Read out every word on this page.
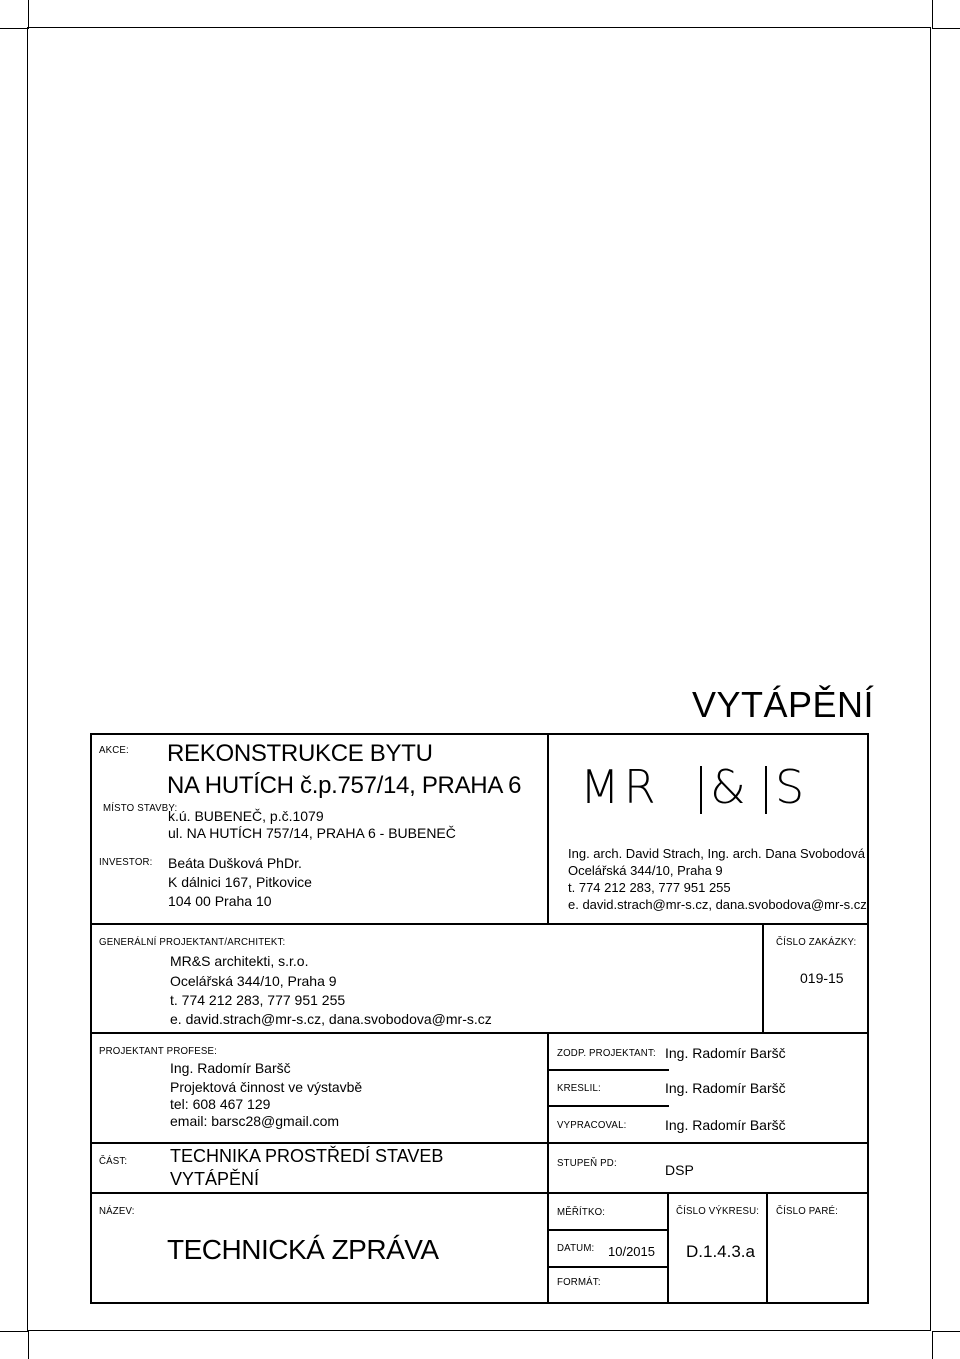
VYTÁPĚNÍ
AKCE: REKONSTRUKCE BYTU
NA HUTÍCH č.p.757/14, PRAHA 6
MÍSTO STAVBY:
k.ú. BUBENEČ, p.č.1079
ul. NA HUTÍCH 757/14, PRAHA 6 - BUBENEČ
INVESTOR: Beáta Dušková PhDr.
K dálnici 167, Pitkovice
104 00 Praha 10
MR & S
Ing. arch. David Strach, Ing. arch. Dana Svobodová
Ocelářská 344/10, Praha 9
t. 774 212 283, 777 951 255
e. david.strach@mr-s.cz, dana.svobodova@mr-s.cz
GENERÁLNÍ PROJEKTANT/ARCHITEKT:
MR&S architekti, s.r.o.
Ocelářská 344/10, Praha 9
t. 774 212 283, 777 951 255
e. david.strach@mr-s.cz, dana.svobodova@mr-s.cz
ČÍSLO ZAKÁZKY:
019-15
PROJEKTANT PROFESE:
Ing. Radomír Baršč
Projektová činnost ve výstavbě
tel: 608 467 129
email: barsc28@gmail.com
ZODP. PROJEKTANT: Ing. Radomír Baršč
KRESLIL:	Ing. Radomír Baršč
VYPRACOVAL:	Ing. Radomír Baršč
ČÁST: TECHNIKA PROSTŘEDÍ STAVEB
VYTÁPĚNÍ
STUPEŇ PD:	DSP
NÁZEV:
TECHNICKÁ ZPRÁVA
MĚŘÍTKO:
DATUM: 10/2015
FORMÁT:
ČÍSLO VÝKRESU:
D.1.4.3.a
ČÍSLO PARÉ:
